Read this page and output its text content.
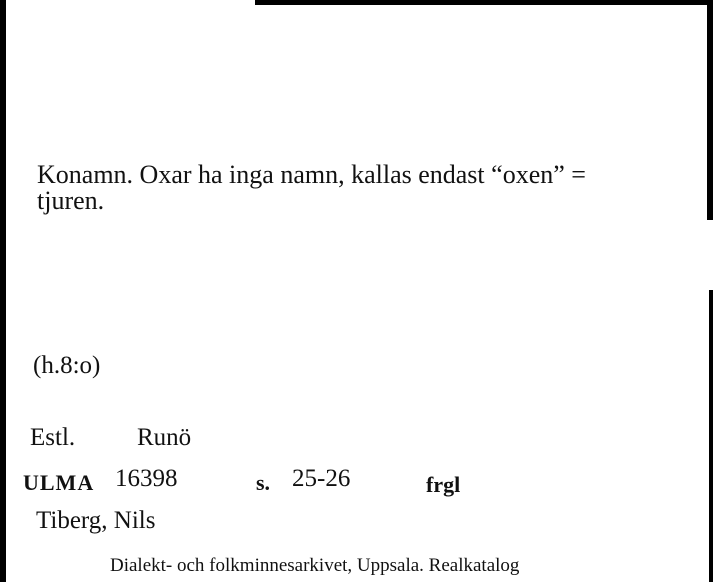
Konamn. Oxar ha inga namn, kallas endast “oxen” = tjuren.

(h.8:o)
Estl. Runö
ULMA 16398	s. 25-26	frgl
Tiberg, Nils
Dialekt- och folkminnesarkivet, Uppsala. Realkatalog
